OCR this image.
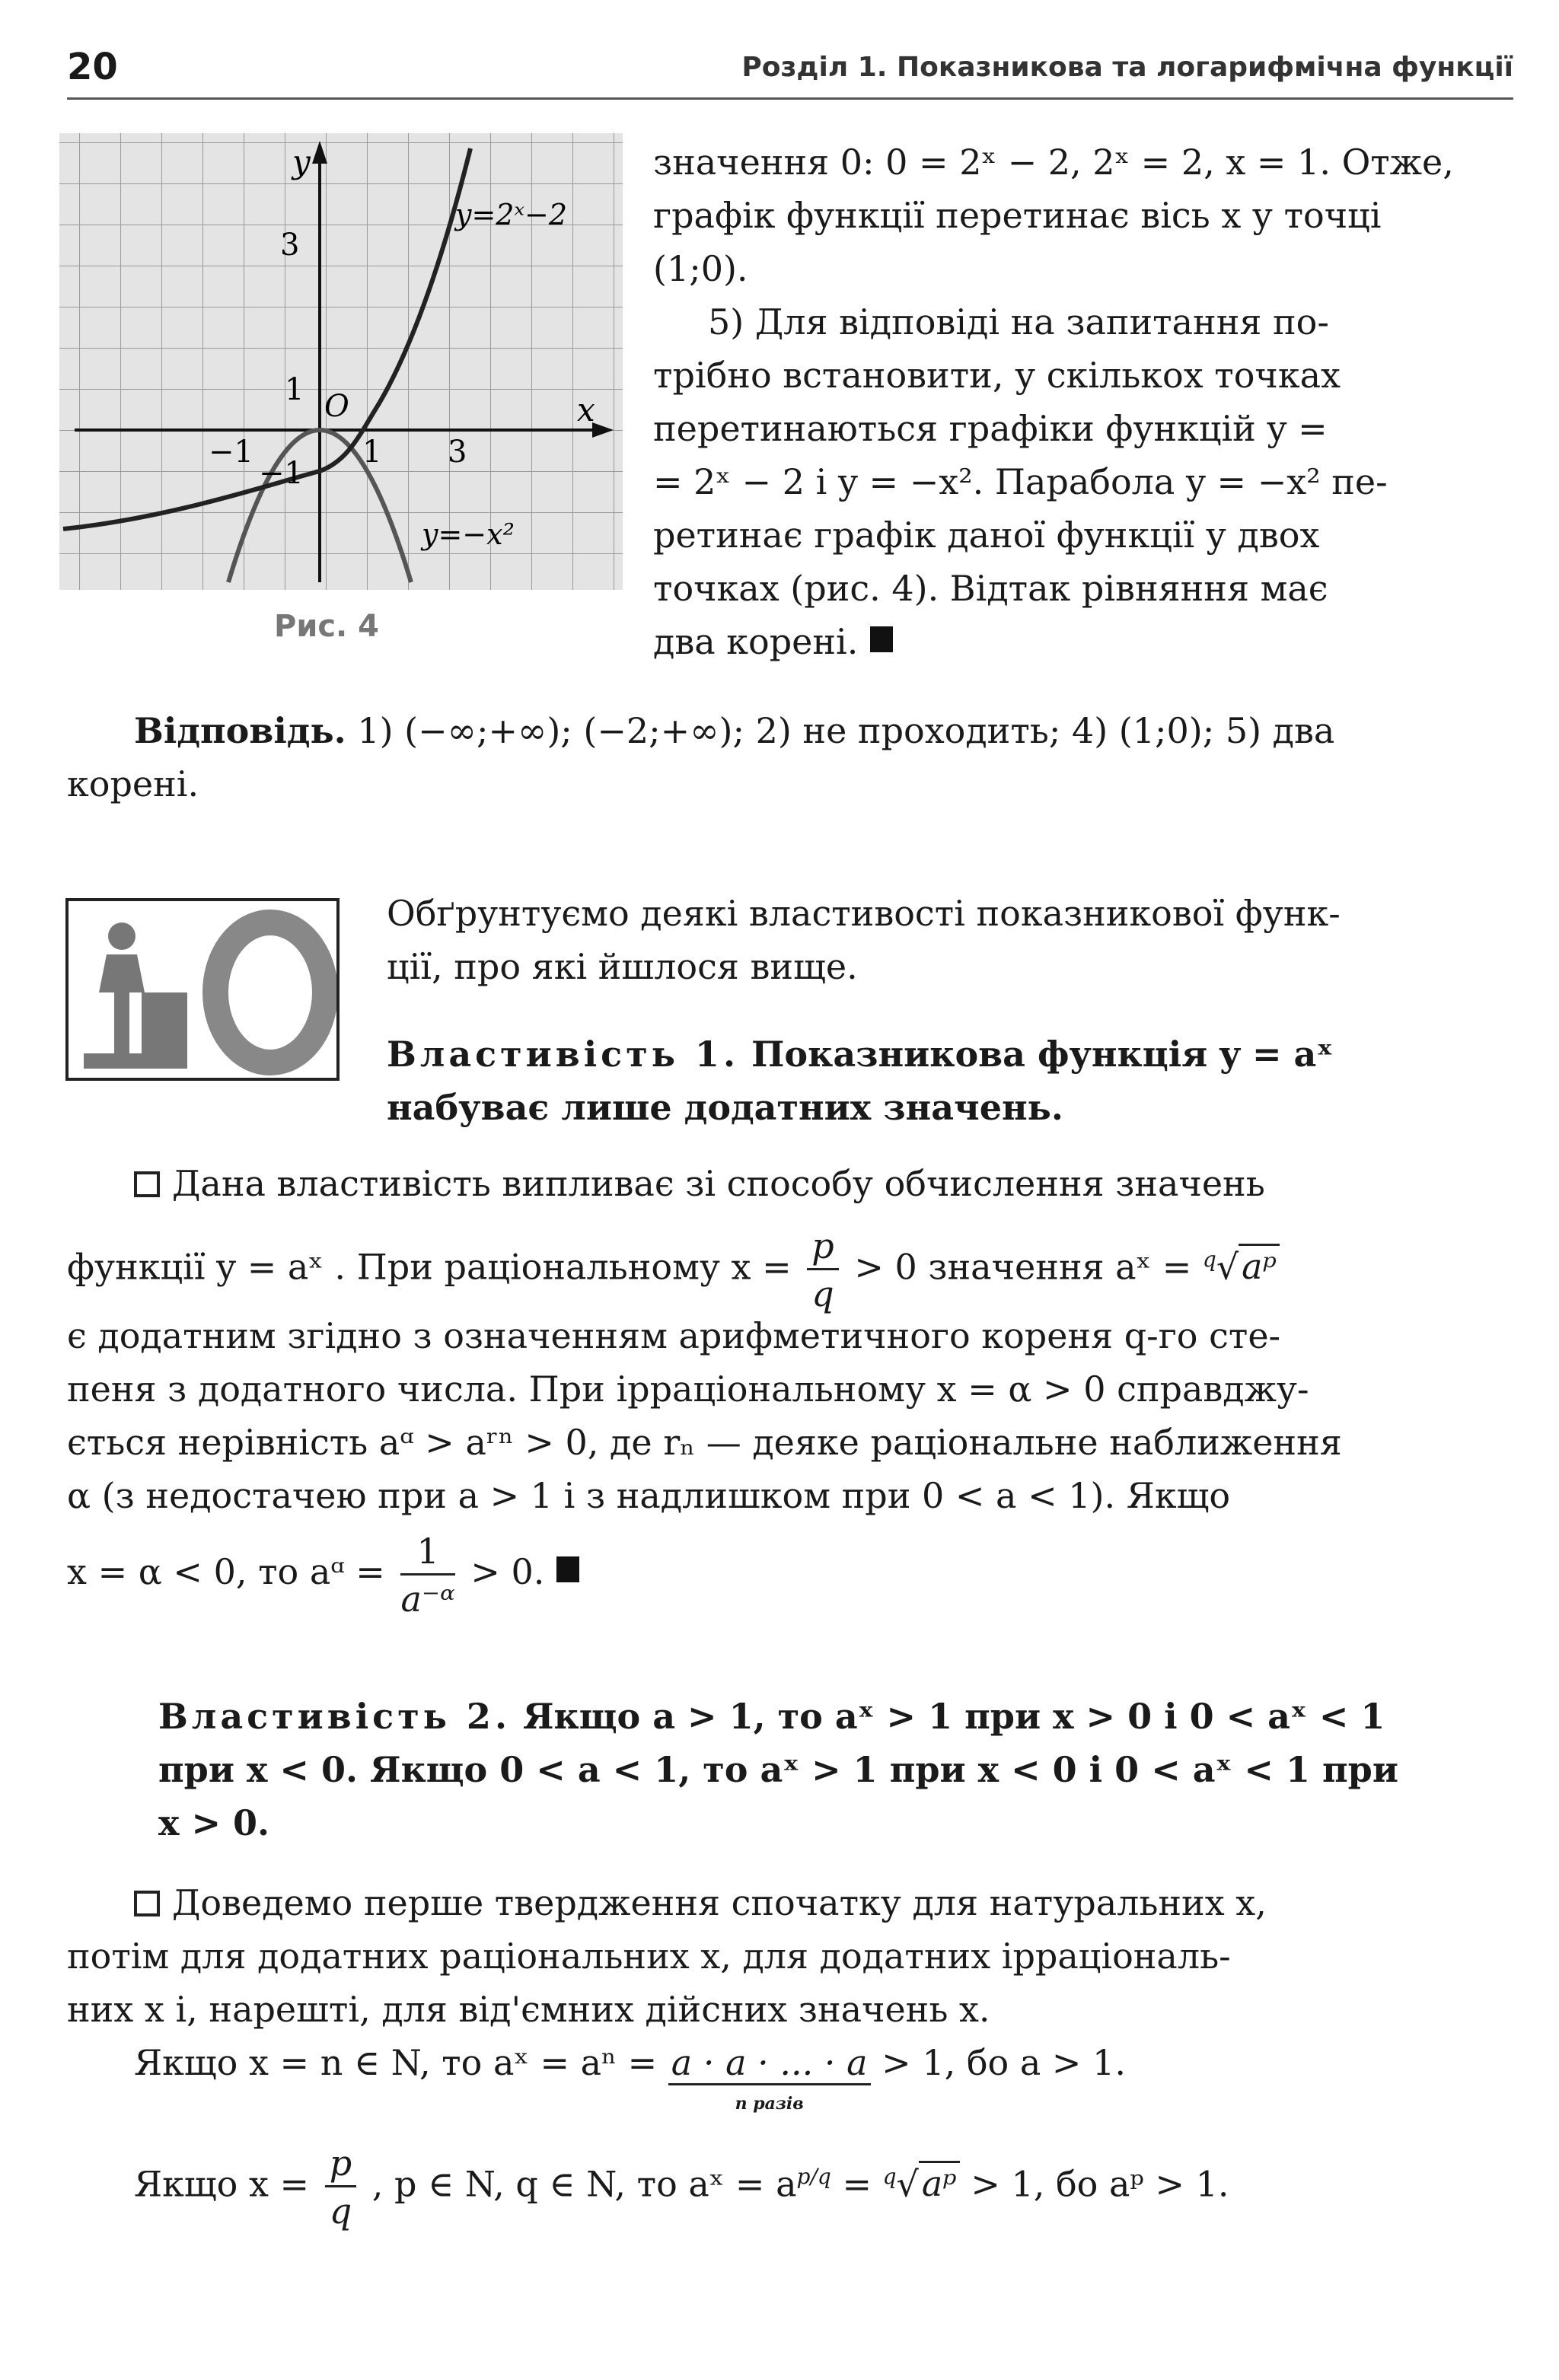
20	Розділ 1. Показникова та логарифмічна функції
y
x
O
3
1
−1
−1	1 3
y=2ˣ−2
y=−x²
Рис. 4
значення 0: 0 = 2ˣ − 2, 2ˣ = 2, x = 1. Отже,
графік функції перетинає вісь x у точці
(1;0).
5) Для відповіді на запитання по-
трібно встановити, у скількох точках
перетинаються графіки функцій y =
= 2ˣ − 2 і y = −x². Парабола y = −x² пе-
ретинає графік даної функції у двох
точках (рис. 4). Відтак рівняння має
два корені.
Відповідь. 1) (−∞;+∞); (−2;+∞); 2) не проходить; 4) (1;0); 5) два
корені.
Обґрунтуємо деякі властивості показникової функ-
ції, про які йшлося вище.
Властивість 1. Показникова функція y = aˣ
набуває лише додатних значень.
Дана властивість випливає зі способу обчислення значень
функції y = aˣ . При раціональному $x = \frac{p}{q} > 0$ значення aˣ = $^q$√aᵖ
є додатним згідно з означенням арифметичного кореня q-го сте-
пеня з додатного числа. При ірраціональному x = α > 0 справджу-
ється нерівність aᵅ > aʳⁿ > 0, де rₙ — деяке раціональне наближення
α (з недостачею при a > 1 і з надлишком при 0 < a < 1). Якщо
x = α < 0, то aᵅ = $\frac{1}{\text{a⁻ᵅ}} > 0$.
Властивість 2. Якщо a > 1, то aˣ > 1 при x > 0 і 0 < aˣ < 1
при x < 0. Якщо 0 < a < 1, то aˣ > 1 при x < 0 і 0 < aˣ < 1 при
x > 0.
Доведемо перше твердження спочатку для натуральних x,
потім для додатних раціональних x, для додатних ірраціональ-
них x і, нарешті, для від'ємних дійсних значень x.
Якщо x = n ∈ N, то aˣ = aⁿ = a · a · ... · a
n разів
> 1, бо a > 1.
Якщо $x = \frac{p}{q}$ , p ∈ N, q ∈ N, то aˣ = $a^{p/q}$ = $^q$√aᵖ > 1, бо aᵖ > 1.
